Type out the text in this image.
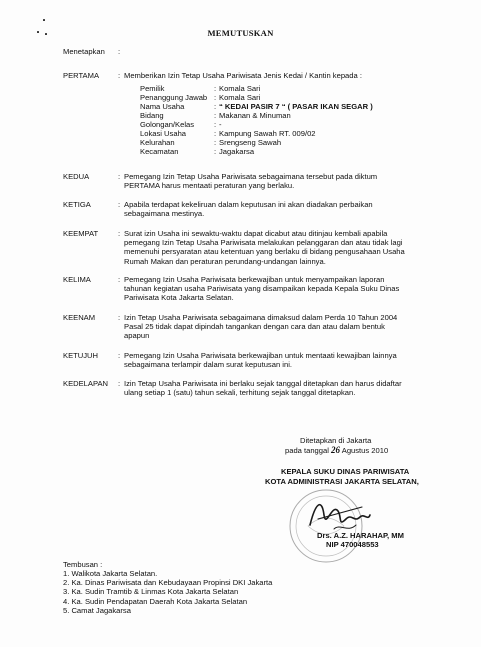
MEMUTUSKAN
Menetapkan	:
PERTAMA	: Memberikan Izin Tetap Usaha Pariwisata Jenis Kedai / Kantin kepada :
Pemilik	: Komala Sari
Penanggung Jawab : Komala Sari
Nama Usaha	: “ KEDAI PASIR 7 “ ( PASAR IKAN SEGAR )
Bidang	: Makanan & Minuman
Golongan/Kelas	: -
Lokasi Usaha	: Kampung Sawah RT. 009/02
Kelurahan	: Srengseng Sawah
Kecamatan	: Jagakarsa
KEDUA	: Pemegang Izin Tetap Usaha Pariwisata sebagaimana tersebut pada diktum
PERTAMA harus mentaati peraturan yang berlaku.
KETIGA	: Apabila terdapat kekeliruan dalam keputusan ini akan diadakan perbaikan
sebagaimana mestinya.
KEEMPAT	: Surat izin Usaha ini sewaktu-waktu dapat dicabut atau ditinjau kembali apabila
pemegang Izin Tetap Usaha Pariwisata melakukan pelanggaran dan atau tidak lagi
memenuhi persyaratan atau ketentuan yang berlaku di bidang pengusahaan Usaha
Rumah Makan dan peraturan perundang-undangan lainnya.
KELIMA	: Pemegang Izin Usaha Pariwisata berkewajiban untuk menyampaikan laporan
tahunan kegiatan usaha Pariwisata yang disampaikan kepada Kepala Suku Dinas
Pariwisata Kota Jakarta Selatan.
KEENAM	: Izin Tetap Usaha Pariwisata sebagaimana dimaksud dalam Perda 10 Tahun 2004
Pasal 25 tidak dapat dipindah tangankan dengan cara dan atau dalam bentuk
apapun
KETUJUH	: Pemegang Izin Usaha Pariwisata berkewajiban untuk mentaati kewajiban lainnya
sebagaimana terlampir dalam surat keputusan ini.
KEDELAPAN	: Izin Tetap Usaha Pariwisata ini berlaku sejak tanggal ditetapkan dan harus didaftar
ulang setiap 1 (satu) tahun sekali, terhitung sejak tanggal ditetapkan.
Ditetapkan di Jakarta
pada tanggal 26 Agustus 2010
KEPALA SUKU DINAS PARIWISATA
KOTA ADMINISTRASI JAKARTA SELATAN,
Drs. A.Z. HARAHAP, MM
NIP 470048553
Tembusan :
1. Walikota Jakarta Selatan.
2. Ka. Dinas Pariwisata dan Kebudayaan Propinsi DKI Jakarta
3. Ka. Sudin Tramtib & Linmas Kota Jakarta Selatan
4. Ka. Sudin Pendapatan Daerah Kota Jakarta Selatan
5. Camat Jagakarsa
